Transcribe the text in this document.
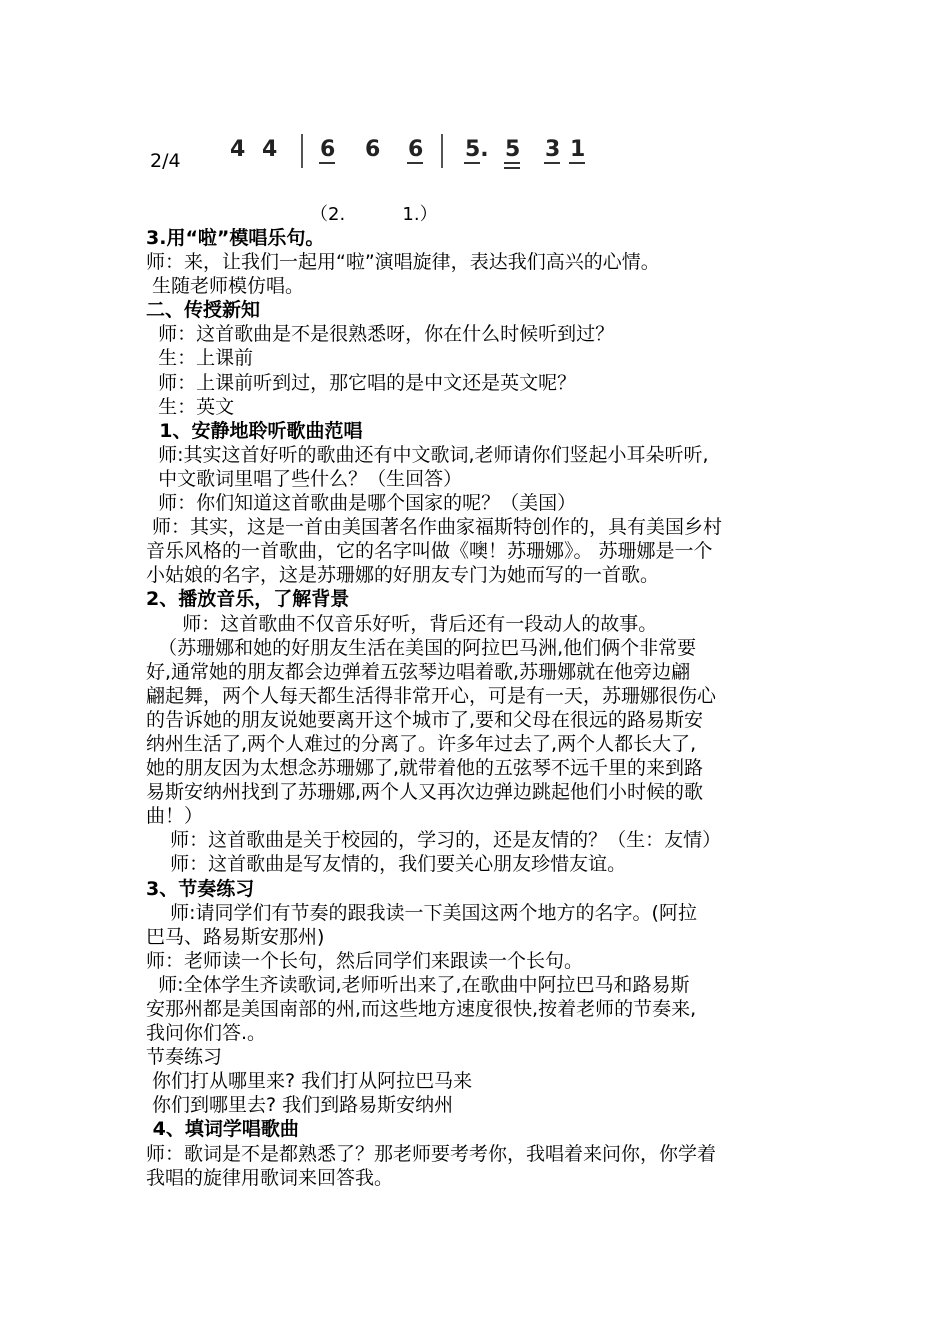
2/4 4 4 6 6 6 5. 5 3 1
（2.          1.）
3.用“啦”模唱乐句。
师：来，让我们一起用“啦”演唱旋律，表达我们高兴的心情。
生随老师模仿唱。
二、传授新知
师：这首歌曲是不是很熟悉呀，你在什么时候听到过？
生：上课前
师：上课前听到过，那它唱的是中文还是英文呢？
生：英文
1、安静地聆听歌曲范唱
师:其实这首好听的歌曲还有中文歌词,老师请你们竖起小耳朵听听,
中文歌词里唱了些什么？（生回答）
师：你们知道这首歌曲是哪个国家的呢？（美国）
师：其实，这是一首由美国著名作曲家福斯特创作的，具有美国乡村
音乐风格的一首歌曲，它的名字叫做《噢！苏珊娜》。 苏珊娜是一个
小姑娘的名字，这是苏珊娜的好朋友专门为她而写的一首歌。
2、播放音乐，了解背景
师：这首歌曲不仅音乐好听，背后还有一段动人的故事。
（苏珊娜和她的好朋友生活在美国的阿拉巴马洲,他们俩个非常要
好,通常她的朋友都会边弹着五弦琴边唱着歌,苏珊娜就在他旁边翩
翩起舞，两个人每天都生活得非常开心，可是有一天，苏珊娜很伤心
的告诉她的朋友说她要离开这个城市了,要和父母在很远的路易斯安
纳州生活了,两个人难过的分离了。许多年过去了,两个人都长大了,
她的朋友因为太想念苏珊娜了,就带着他的五弦琴不远千里的来到路
易斯安纳州找到了苏珊娜,两个人又再次边弹边跳起他们小时候的歌
曲！）
师：这首歌曲是关于校园的，学习的，还是友情的？（生：友情）
师：这首歌曲是写友情的，我们要关心朋友珍惜友谊。
3、节奏练习
师:请同学们有节奏的跟我读一下美国这两个地方的名字。(阿拉
巴马、路易斯安那州)
师：老师读一个长句，然后同学们来跟读一个长句。
师:全体学生齐读歌词,老师听出来了,在歌曲中阿拉巴马和路易斯
安那州都是美国南部的州,而这些地方速度很快,按着老师的节奏来,
我问你们答.。
节奏练习
你们打从哪里来? 我们打从阿拉巴马来
你们到哪里去? 我们到路易斯安纳州
4、填词学唱歌曲
师：歌词是不是都熟悉了？那老师要考考你，我唱着来问你，你学着
我唱的旋律用歌词来回答我。
